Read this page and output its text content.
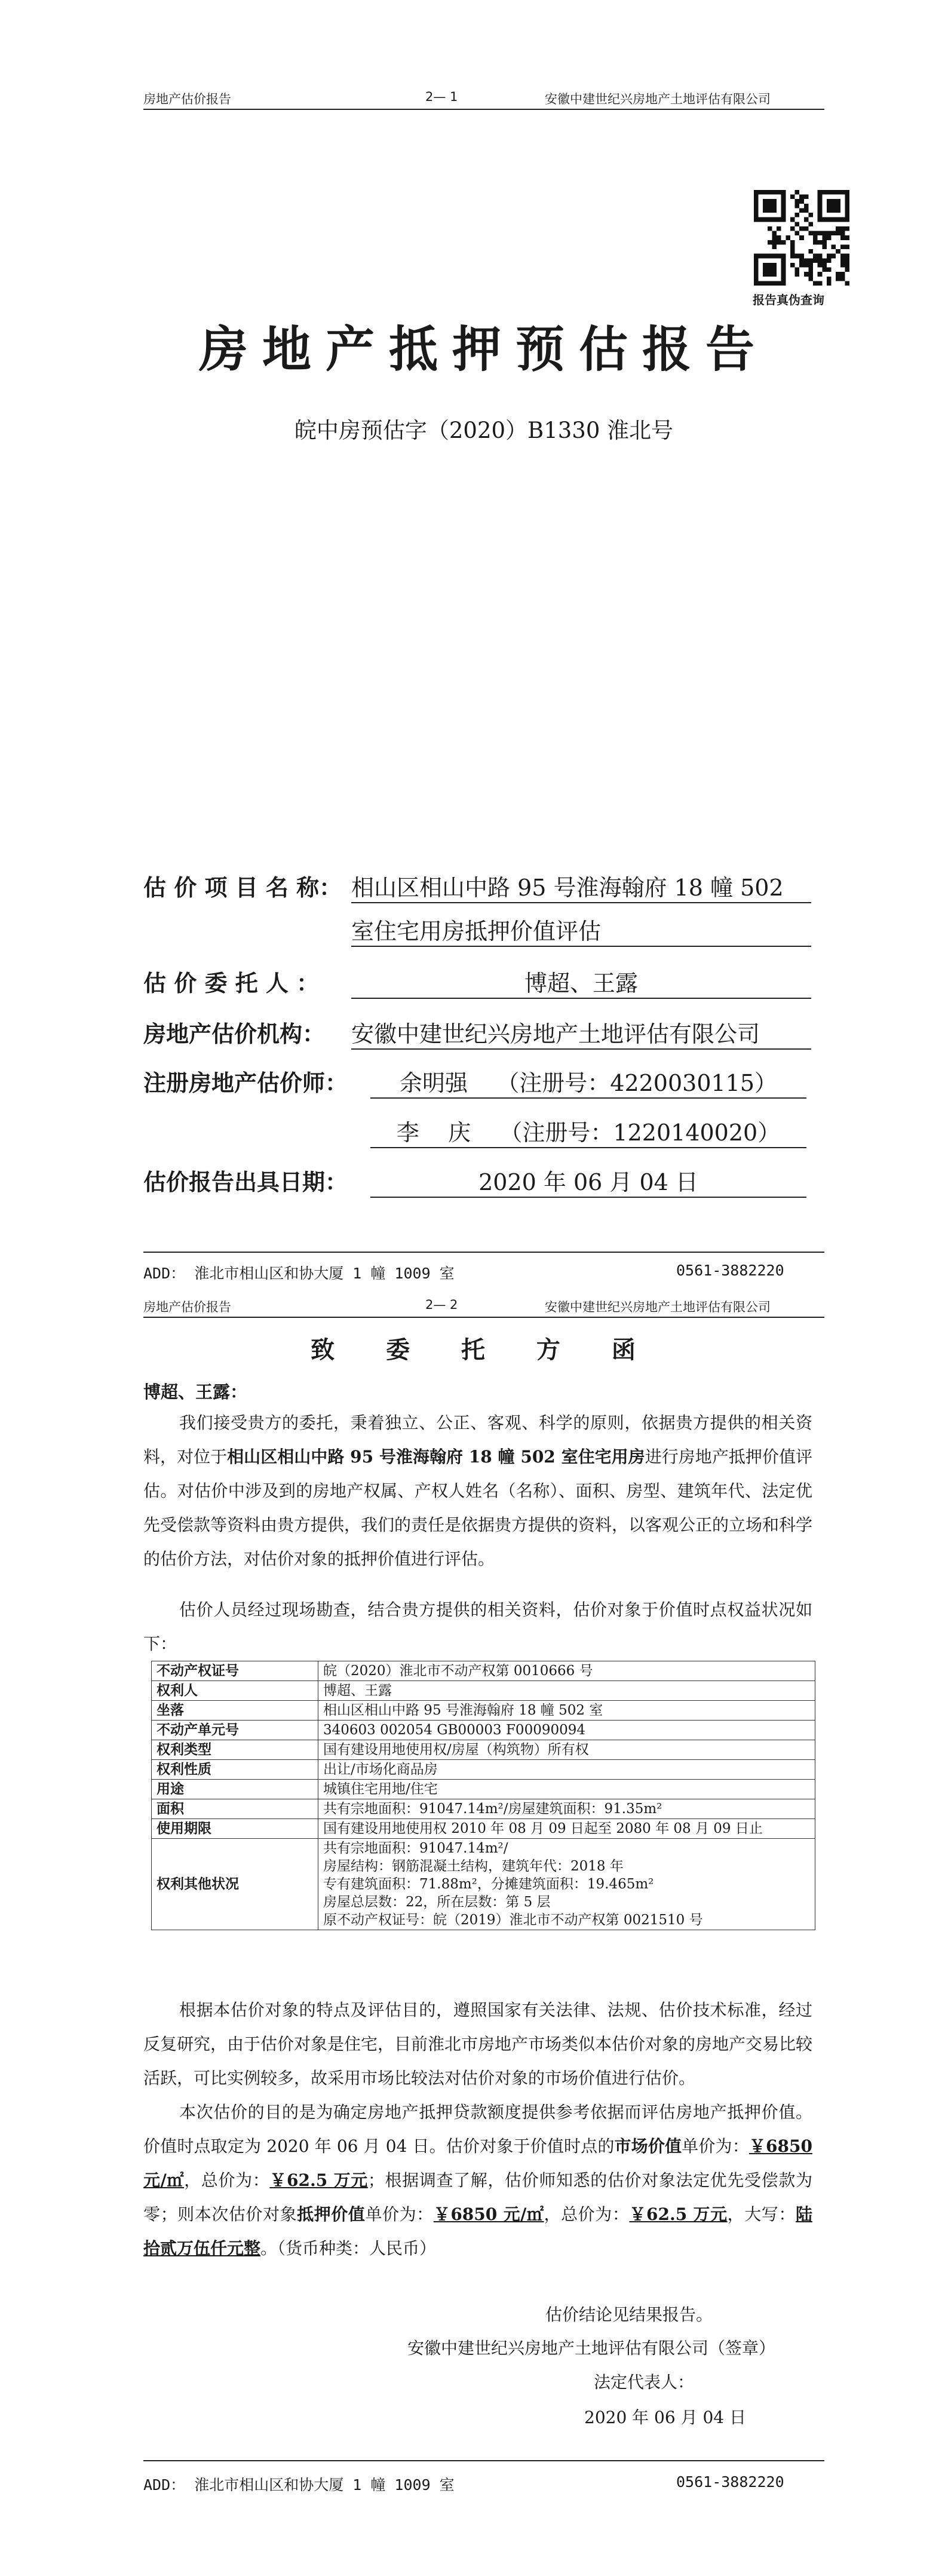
房地产估价报告	2— 1	安徽中建世纪兴房地产土地评估有限公司
报告真伪查询
房地产抵押预估报告
皖中房预估字（2020）B1330 淮北号
估 价 项 目 名 称： 相山区相山中路 95 号淮海翰府 18 幢 502
室住宅用房抵押价值评估
估 价 委 托 人 ：	博超、王露
房地产估价机构： 安徽中建世纪兴房地产土地评估有限公司
注册房地产估价师：	余明强    （注册号：4220030115）
李    庆    （注册号：1220140020）
估价报告出具日期：	2020 年 06 月 04 日
ADD： 淮北市相山区和协大厦 1 幢 1009 室	0561-3882220
房地产估价报告	2— 2	安徽中建世纪兴房地产土地评估有限公司
致 委 托 方 函
博超、王露：
我们接受贵方的委托，秉着独立、公正、客观、科学的原则，依据贵方提供的相关资料，对位于相山区相山中路 95 号淮海翰府 18 幢 502 室住宅用房进行房地产抵押价值评估。对估价中涉及到的房地产权属、产权人姓名（名称）、面积、房型、建筑年代、法定优先受偿款等资料由贵方提供，我们的责任是依据贵方提供的资料，以客观公正的立场和科学的估价方法，对估价对象的抵押价值进行评估。
估价人员经过现场勘查，结合贵方提供的相关资料，估价对象于价值时点权益状况如下：
不动产权证号	皖（2020）淮北市不动产权第 0010666 号
权利人	博超、王露
坐落	相山区相山中路 95 号淮海翰府 18 幢 502 室
不动产单元号	340603 002054 GB00003 F00090094
权利类型	国有建设用地使用权/房屋（构筑物）所有权
权利性质	出让/市场化商品房
用途	城镇住宅用地/住宅
面积	共有宗地面积：91047.14m²/房屋建筑面积：91.35m²
使用期限	国有建设用地使用权 2010 年 08 月 09 日起至 2080 年 08 月 09 日止
权利其他状况	共有宗地面积：91047.14m²/
房屋结构：钢筋混凝土结构，建筑年代：2018 年
专有建筑面积：71.88m²，分摊建筑面积：19.465m²
房屋总层数：22，所在层数：第 5 层
原不动产权证号：皖（2019）淮北市不动产权第 0021510 号
根据本估价对象的特点及评估目的，遵照国家有关法律、法规、估价技术标准，经过反复研究，由于估价对象是住宅，目前淮北市房地产市场类似本估价对象的房地产交易比较活跃，可比实例较多，故采用市场比较法对估价对象的市场价值进行估价。
本次估价的目的是为确定房地产抵押贷款额度提供参考依据而评估房地产抵押价值。价值时点取定为 2020 年 06 月 04 日。估价对象于价值时点的市场价值单价为：￥6850 元/㎡，总价为：￥62.5 万元；根据调查了解，估价师知悉的估价对象法定优先受偿款为零；则本次估价对象抵押价值单价为：￥6850 元/㎡，总价为：￥62.5 万元，大写：陆拾贰万伍仟元整。（货币种类：人民币）
估价结论见结果报告。
安徽中建世纪兴房地产土地评估有限公司（签章）
法定代表人：
2020 年 06 月 04 日
ADD： 淮北市相山区和协大厦 1 幢 1009 室	0561-3882220
